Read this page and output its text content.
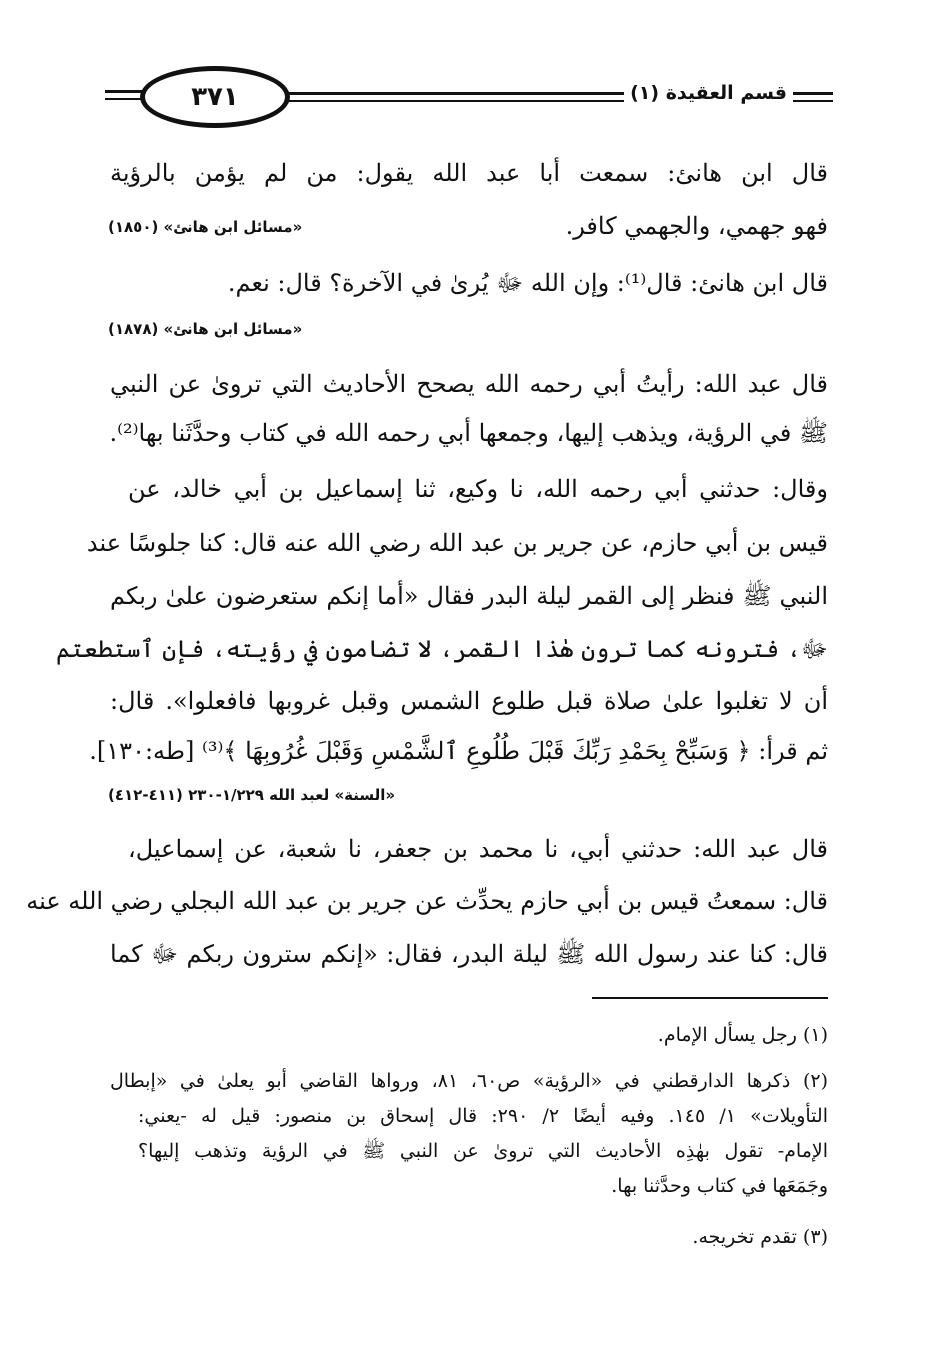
٣٧١	قسم العقيدة (١)
قال ابن هانئ: سمعت أبا عبد الله يقول: من لم يؤمن بالرؤية
فهو جهمي، والجهمي كافر.
«مسائل ابن هانئ» (١٨٥٠)
قال ابن هانئ: قال⁽¹⁾: وإن الله ﷻ يُرىٰ في الآخرة؟ قال: نعم.
«مسائل ابن هانئ» (١٨٧٨)
قال عبد الله: رأيتُ أبي رحمه الله يصحح الأحاديث التي تروىٰ عن النبي
ﷺ في الرؤية، ويذهب إليها، وجمعها أبي رحمه الله في كتاب وحدَّثَنا بها⁽²⁾.
وقال: حدثني أبي رحمه الله، نا وكيع، ثنا إسماعيل بن أبي خالد، عن
قيس بن أبي حازم، عن جرير بن عبد الله رضي الله عنه قال: كنا جلوسًا عند
النبي ﷺ فنظر إلى القمر ليلة البدر فقال «أما إنكم ستعرضون علىٰ ربكم
ﷻ، فترونه كما ترون هٰذا القمر، لا تضامون في رؤيته، فإن ٱستطعتم
أن لا تغلبوا علىٰ صلاة قبل طلوع الشمس وقبل غروبها فافعلوا». قال:
ثم قرأ: ﴿ وَسَبِّحْ بِحَمْدِ رَبِّكَ قَبْلَ طُلُوعِ ٱلشَّمْسِ وَقَبْلَ غُرُوبِهَا ﴾⁽³⁾ [طه:١٣٠].
«السنة» لعبد الله ١/٢٢٩-٢٣٠ (٤١١-٤١٢)
قال عبد الله: حدثني أبي، نا محمد بن جعفر، نا شعبة، عن إسماعيل،
قال: سمعتُ قيس بن أبي حازم يحدِّث عن جرير بن عبد الله البجلي رضي الله عنه
قال: كنا عند رسول الله ﷺ ليلة البدر، فقال: «إنكم سترون ربكم ﷻ كما
(١) رجل يسأل الإمام.
(٢) ذكرها الدارقطني في «الرؤية» ص٦٠، ٨١، ورواها القاضي أبو يعلىٰ في «إبطال
التأويلات» ١/ ١٤٥. وفيه أيضًا ٢/ ٢٩٠: قال إسحاق بن منصور: قيل له -يعني:
الإمام- تقول بهٰذِه الأحاديث التي تروىٰ عن النبي ﷺ في الرؤية وتذهب إليها؟
وجَمَعَها في كتاب وحدَّثنا بها.
(٣) تقدم تخريجه.
